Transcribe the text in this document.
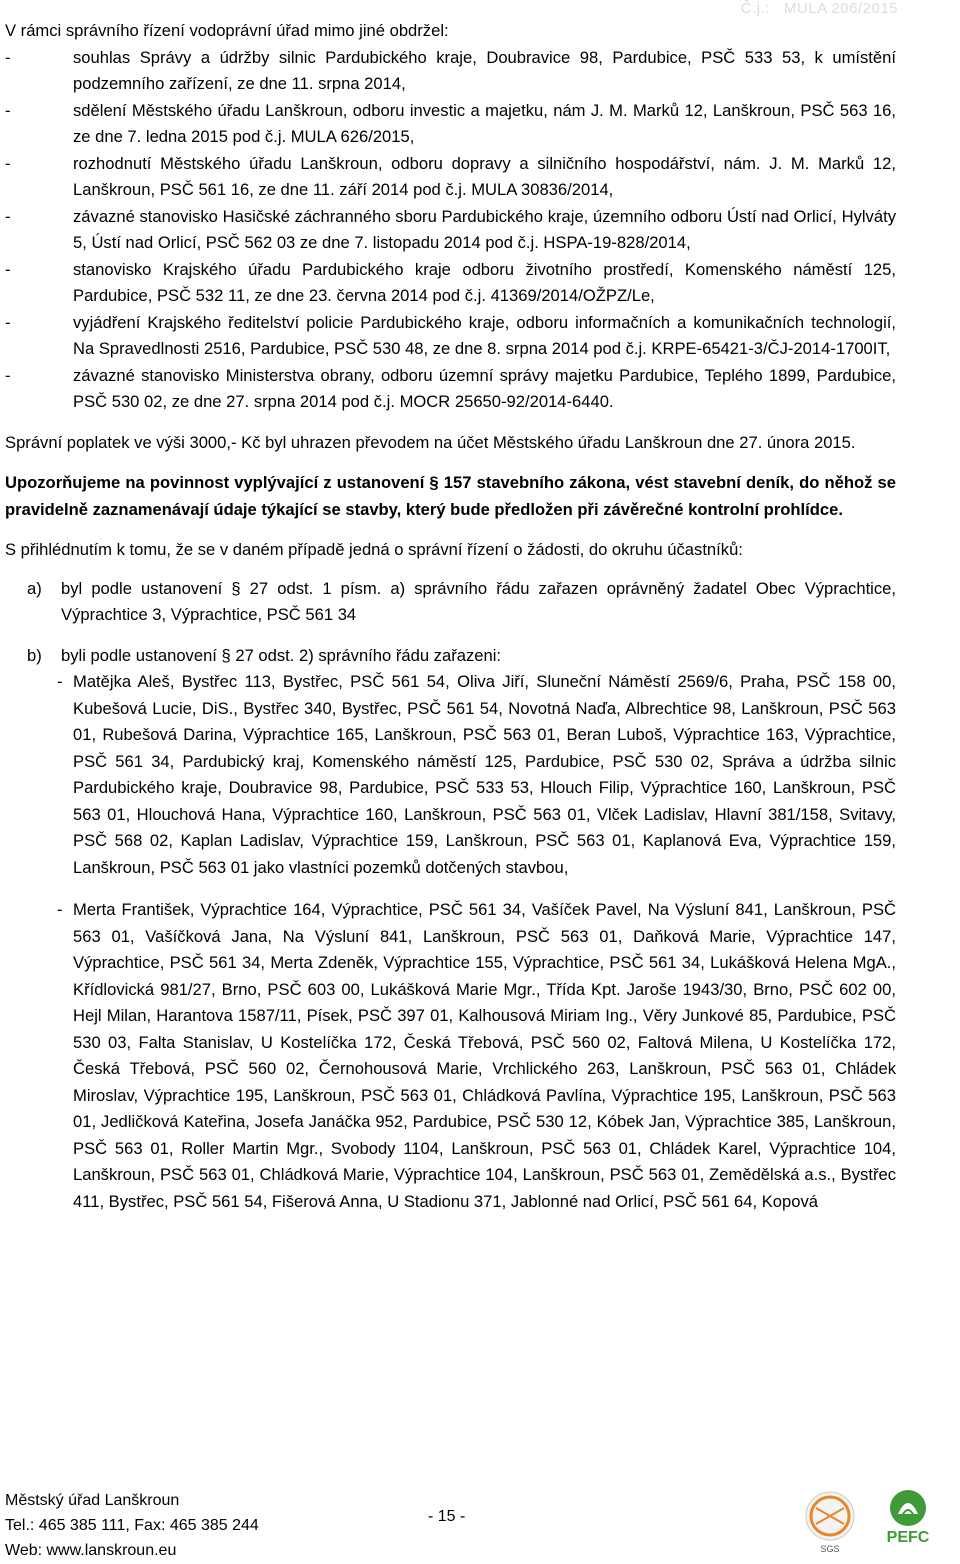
Č.j.: MULA 206/2015

V rámci správního řízení vodoprávní úřad mimo jiné obdržel:

-	souhlas Správy a údržby silnic Pardubického kraje, Doubravice 98, Pardubice, PSČ 533 53, k umístění podzemního zařízení, ze dne 11. srpna 2014,
-	sdělení Městského úřadu Lanškroun, odboru investic a majetku, nám J. M. Marků 12, Lanškroun, PSČ 563 16, ze dne 7. ledna 2015 pod č.j. MULA 626/2015,
-	rozhodnutí Městského úřadu Lanškroun, odboru dopravy a silničního hospodářství, nám. J. M. Marků 12, Lanškroun, PSČ 561 16, ze dne 11. září 2014 pod č.j. MULA 30836/2014,
-	závazné stanovisko Hasičské záchranného sboru Pardubického kraje, územního odboru Ústí nad Orlicí, Hylváty 5, Ústí nad Orlicí, PSČ 562 03 ze dne 7. listopadu 2014 pod č.j. HSPA-19-828/2014,
-	stanovisko Krajského úřadu Pardubického kraje odboru životního prostředí, Komenského náměstí 125, Pardubice, PSČ 532 11, ze dne 23. června 2014 pod č.j. 41369/2014/OŽPZ/Le,
-	vyjádření Krajského ředitelství policie Pardubického kraje, odboru informačních a komunikačních technologií, Na Spravedlnosti 2516, Pardubice, PSČ 530 48, ze dne 8. srpna 2014 pod č.j. KRPE-65421-3/ČJ-2014-1700IT,
-	závazné stanovisko Ministerstva obrany, odboru územní správy majetku Pardubice, Teplého 1899, Pardubice, PSČ 530 02, ze dne 27. srpna 2014 pod č.j. MOCR 25650-92/2014-6440.

Správní poplatek ve výši 3000,- Kč byl uhrazen převodem na účet Městského úřadu Lanškroun dne 27. února 2015.

Upozorňujeme na povinnost vyplývající z ustanovení § 157 stavebního zákona, vést stavební deník, do něhož se pravidelně zaznamenávají údaje týkající se stavby, který bude předložen při závěrečné kontrolní prohlídce.

S přihlédnutím k tomu, že se v daném případě jedná o správní řízení o žádosti, do okruhu účastníků:

a) byl podle ustanovení § 27 odst. 1 písm. a) správního řádu zařazen oprávněný žadatel Obec Výprachtice, Výprachtice 3, Výprachtice, PSČ 561 34
b) byli podle ustanovení § 27 odst. 2) správního řádu zařazeni:
- Matějka Aleš, Bystřec 113, Bystřec, PSČ 561 54, Oliva Jiří, Sluneční Náměstí 2569/6, Praha, PSČ 158 00, Kubešová Lucie, DiS., Bystřec 340, Bystřec, PSČ 561 54, Novotná Naďa, Albrechtice 98, Lanškroun, PSČ 563 01, Rubešová Darina, Výprachtice 165, Lanškroun, PSČ 563 01, Beran Luboš, Výprachtice 163, Výprachtice, PSČ 561 34, Pardubický kraj, Komenského náměstí 125, Pardubice, PSČ 530 02, Správa a údržba silnic Pardubického kraje, Doubravice 98, Pardubice, PSČ 533 53, Hlouch Filip, Výprachtice 160, Lanškroun, PSČ 563 01, Hlouchová Hana, Výprachtice 160, Lanškroun, PSČ 563 01, Vlček Ladislav, Hlavní 381/158, Svitavy, PSČ 568 02, Kaplan Ladislav, Výprachtice 159, Lanškroun, PSČ 563 01, Kaplanová Eva, Výprachtice 159, Lanškroun, PSČ 563 01 jako vlastníci pozemků dotčených stavbou,
- Merta František, Výprachtice 164, Výprachtice, PSČ 561 34, Vašíček Pavel, Na Výsluní 841, Lanškroun, PSČ 563 01, Vašíčková Jana, Na Výsluní 841, Lanškroun, PSČ 563 01, Daňková Marie, Výprachtice 147, Výprachtice, PSČ 561 34, Merta Zdeněk, Výprachtice 155, Výprachtice, PSČ 561 34, Lukášková Helena MgA., Křídlovická 981/27, Brno, PSČ 603 00, Lukášková Marie Mgr., Třída Kpt. Jaroše 1943/30, Brno, PSČ 602 00, Hejl Milan, Harantova 1587/11, Písek, PSČ 397 01, Kalhousová Miriam Ing., Věry Junkové 85, Pardubice, PSČ 530 03, Falta Stanislav, U Kostelíčka 172, Česká Třebová, PSČ 560 02, Faltová Milena, U Kostelíčka 172, Česká Třebová, PSČ 560 02, Černohousová Marie, Vrchlického 263, Lanškroun, PSČ 563 01, Chládek Miroslav, Výprachtice 195, Lanškroun, PSČ 563 01, Chládková Pavlína, Výprachtice 195, Lanškroun, PSČ 563 01, Jedličková Kateřina, Josefa Janáčka 952, Pardubice, PSČ 530 12, Kóbek Jan, Výprachtice 385, Lanškroun, PSČ 563 01, Roller Martin Mgr., Svobody 1104, Lanškroun, PSČ 563 01, Chládek Karel, Výprachtice 104, Lanškroun, PSČ 563 01, Chládková Marie, Výprachtice 104, Lanškroun, PSČ 563 01, Zemědělská a.s., Bystřec 411, Bystřec, PSČ 561 54, Fišerová Anna, U Stadionu 371, Jablonné nad Orlicí, PSČ 561 64, Kopová
Městský úřad Lanškroun
Tel.: 465 385 111, Fax: 465 385 244
Web: www.lanskroun.eu
- 15 -
SGS
PEFC
